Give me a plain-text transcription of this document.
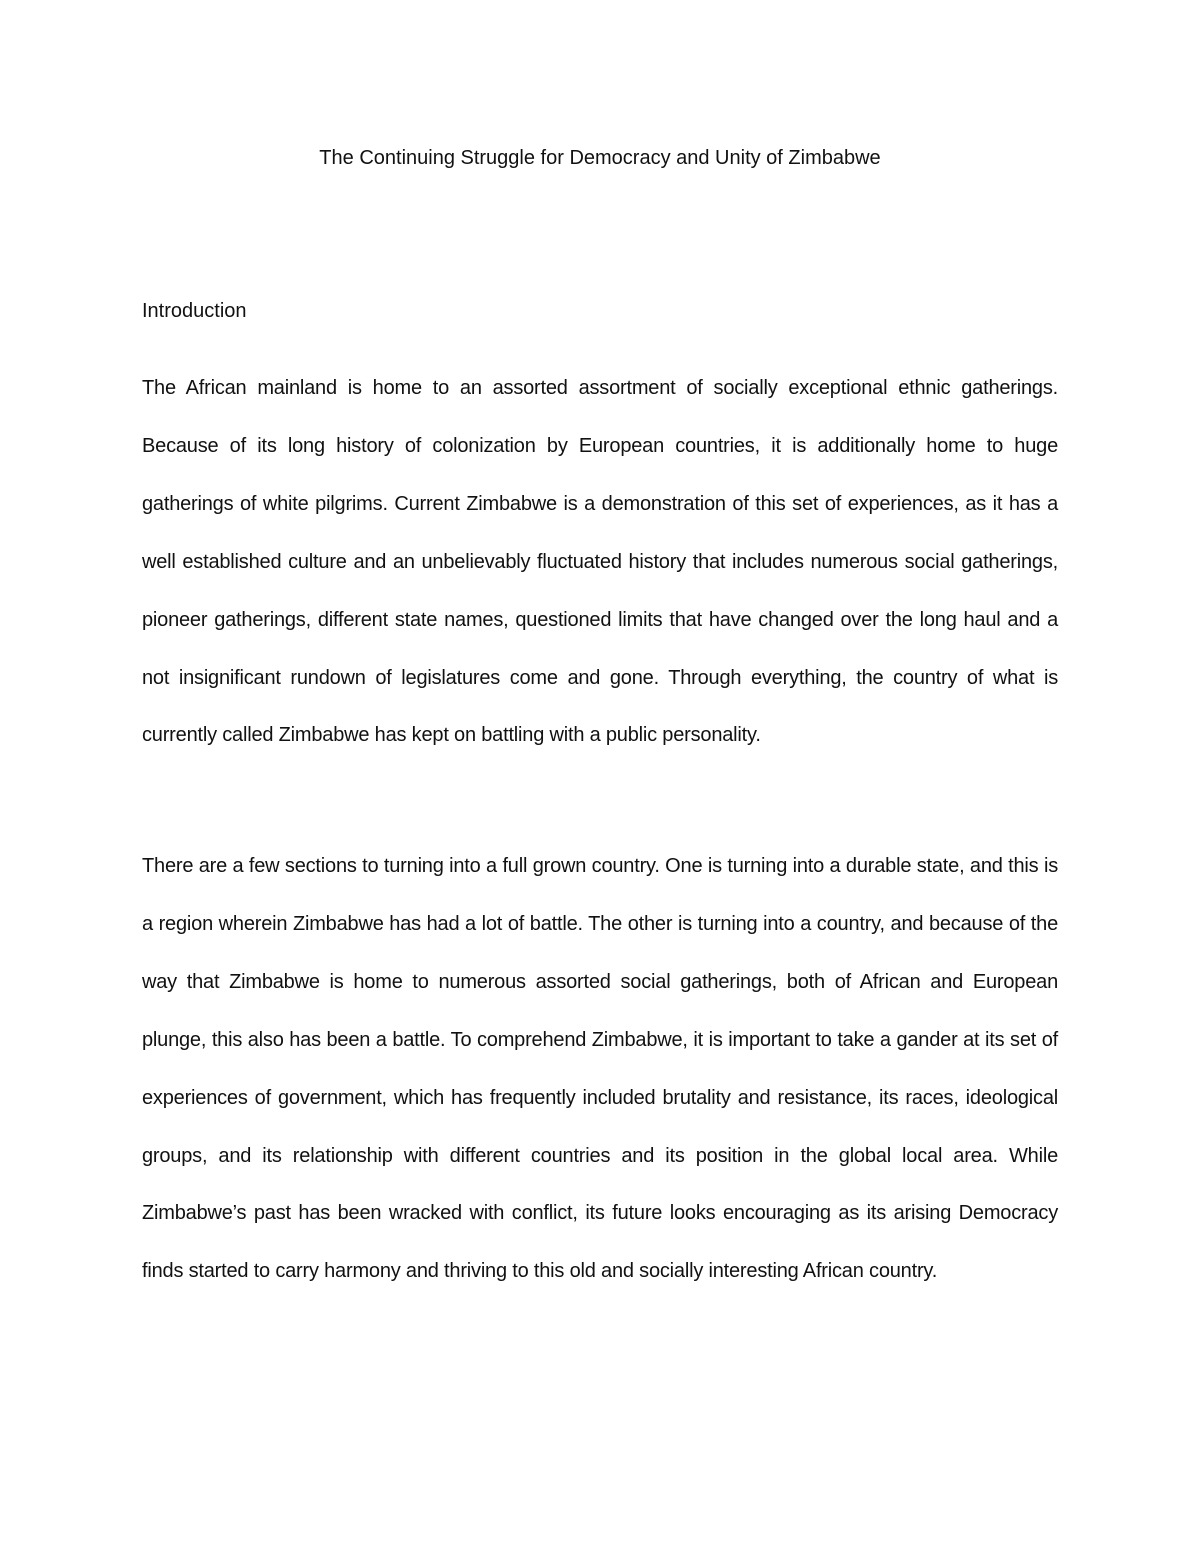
The Continuing Struggle for Democracy and Unity of Zimbabwe
Introduction

The African mainland is home to an assorted assortment of socially exceptional ethnic gatherings. Because of its long history of colonization by European countries, it is additionally home to huge gatherings of white pilgrims. Current Zimbabwe is a demonstration of this set of experiences, as it has a well established culture and an unbelievably fluctuated history that includes numerous social gatherings, pioneer gatherings, different state names, questioned limits that have changed over the long haul and a not insignificant rundown of legislatures come and gone. Through everything, the country of what is currently called Zimbabwe has kept on battling with a public personality.

There are a few sections to turning into a full grown country. One is turning into a durable state, and this is a region wherein Zimbabwe has had a lot of battle. The other is turning into a country, and because of the way that Zimbabwe is home to numerous assorted social gatherings, both of African and European plunge, this also has been a battle. To comprehend Zimbabwe, it is important to take a gander at its set of experiences of government, which has frequently included brutality and resistance, its races, ideological groups, and its relationship with different countries and its position in the global local area. While Zimbabwe’s past has been wracked with conflict, its future looks encouraging as its arising Democracy finds started to carry harmony and thriving to this old and socially interesting African country.
